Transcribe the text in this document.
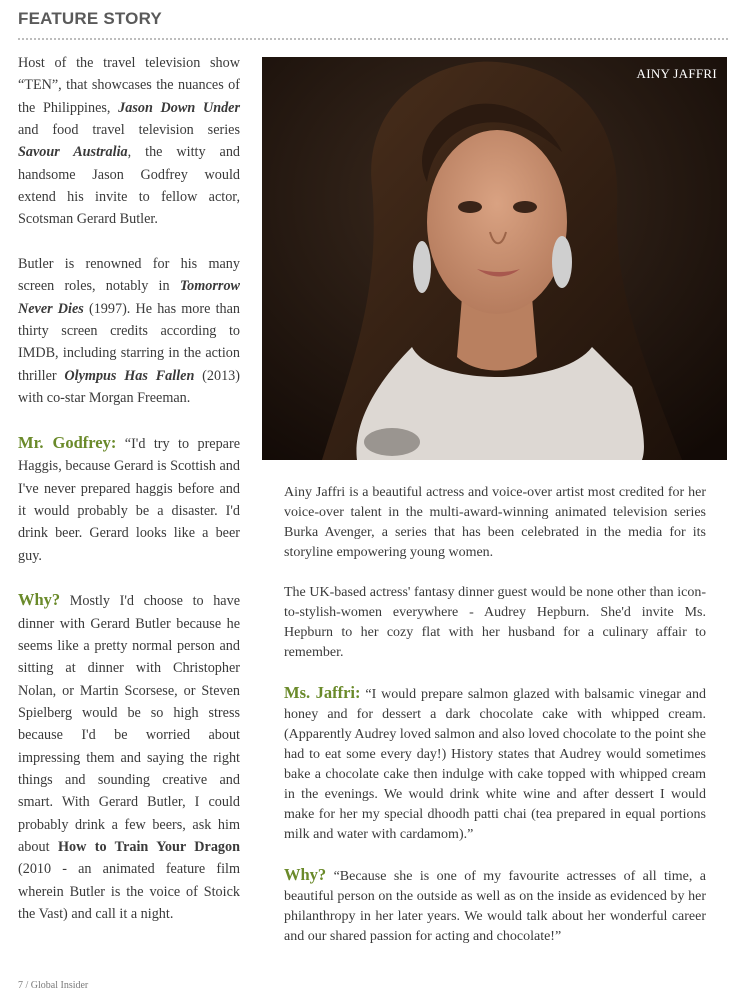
FEATURE STORY

Host of the travel television show “TEN”, that showcases the nuances of the Philippines, Jason Down Under and food travel television series Savour Australia, the witty and handsome Jason Godfrey would extend his invite to fellow actor, Scotsman Gerard Butler.

Butler is renowned for his many screen roles, notably in Tomorrow Never Dies (1997). He has more than thirty screen credits according to IMDB, including starring in the action thriller Olympus Has Fallen (2013) with co-star Morgan Freeman.

Mr. Godfrey: “I'd try to prepare Haggis, because Gerard is Scottish and I've never prepared haggis before and it would probably be a disaster. I'd drink beer. Gerard looks like a beer guy.

Why? Mostly I'd choose to have dinner with Gerard Butler because he seems like a pretty normal person and sitting at dinner with Christopher Nolan, or Martin Scorsese, or Steven Spielberg would be so high stress because I'd be worried about impressing them and saying the right things and sounding creative and smart. With Gerard Butler, I could probably drink a few beers, ask him about How to Train Your Dragon (2010 - an animated feature film wherein Butler is the voice of Stoick the Vast) and call it a night.

AINY JAFFRI

Ainy Jaffri is a beautiful actress and voice-over artist most credited for her voice-over talent in the multi-award-winning animated television series Burka Avenger, a series that has been celebrated in the media for its storyline empowering young women.

The UK-based actress' fantasy dinner guest would be none other than icon-to-stylish-women everywhere - Audrey Hepburn. She'd invite Ms. Hepburn to her cozy flat with her husband for a culinary affair to remember.

Ms. Jaffri: “I would prepare salmon glazed with balsamic vinegar and honey and for dessert a dark chocolate cake with whipped cream. (Apparently Audrey loved salmon and also loved chocolate to the point she had to eat some every day!) History states that Audrey would sometimes bake a chocolate cake then indulge with cake topped with whipped cream in the evenings. We would drink white wine and after dessert I would make for her my special dhoodh patti chai (tea prepared in equal portions milk and water with cardamom).”

Why? “Because she is one of my favourite actresses of all time, a beautiful person on the outside as well as on the inside as evidenced by her philanthropy in her later years. We would talk about her wonderful career and our shared passion for acting and chocolate!”

7 / Global Insider
